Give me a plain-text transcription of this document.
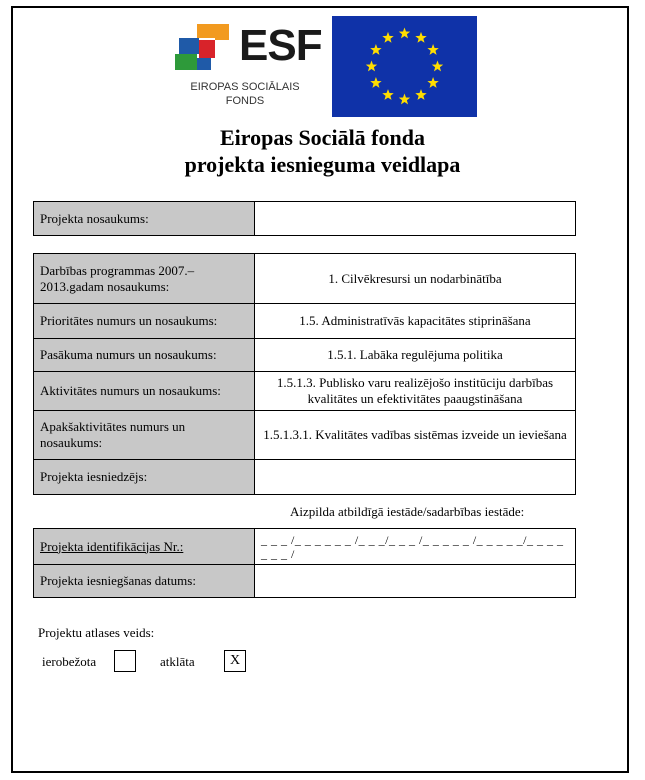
ESF
EIROPAS SOCIĀLAIS
FONDS
Eiropas Sociālā fonda
projekta iesnieguma veidlapa
Projekta nosaukums:	
Darbības programmas 2007.–2013.gadam nosaukums:	1. Cilvēkresursi un nodarbinātība
Prioritātes numurs un nosaukums:	1.5. Administratīvās kapacitātes stiprināšana
Pasākuma numurs un nosaukums:	1.5.1. Labāka regulējuma politika
Aktivitātes numurs un nosaukums:	1.5.1.3. Publisko varu realizējošo institūciju darbības kvalitātes un efektivitātes paaugstināšana
Apakšaktivitātes numurs un nosaukums:	1.5.1.3.1. Kvalitātes vadības sistēmas izveide un ieviešana
Projekta iesniedzējs:	
Aizpilda atbildīgā iestāde/sadarbības iestāde:
Projekta identifikācijas Nr.:	_ _ _ /_ _ _ _ _ _ /_ _ _/_ _ _ /_ _ _ _ _ /_ _ _ _ _/_ _ _ _ _ _ _ /
Projekta iesniegšanas datums:	
Projektu atlases veids:
ierobežota	atklāta	X
